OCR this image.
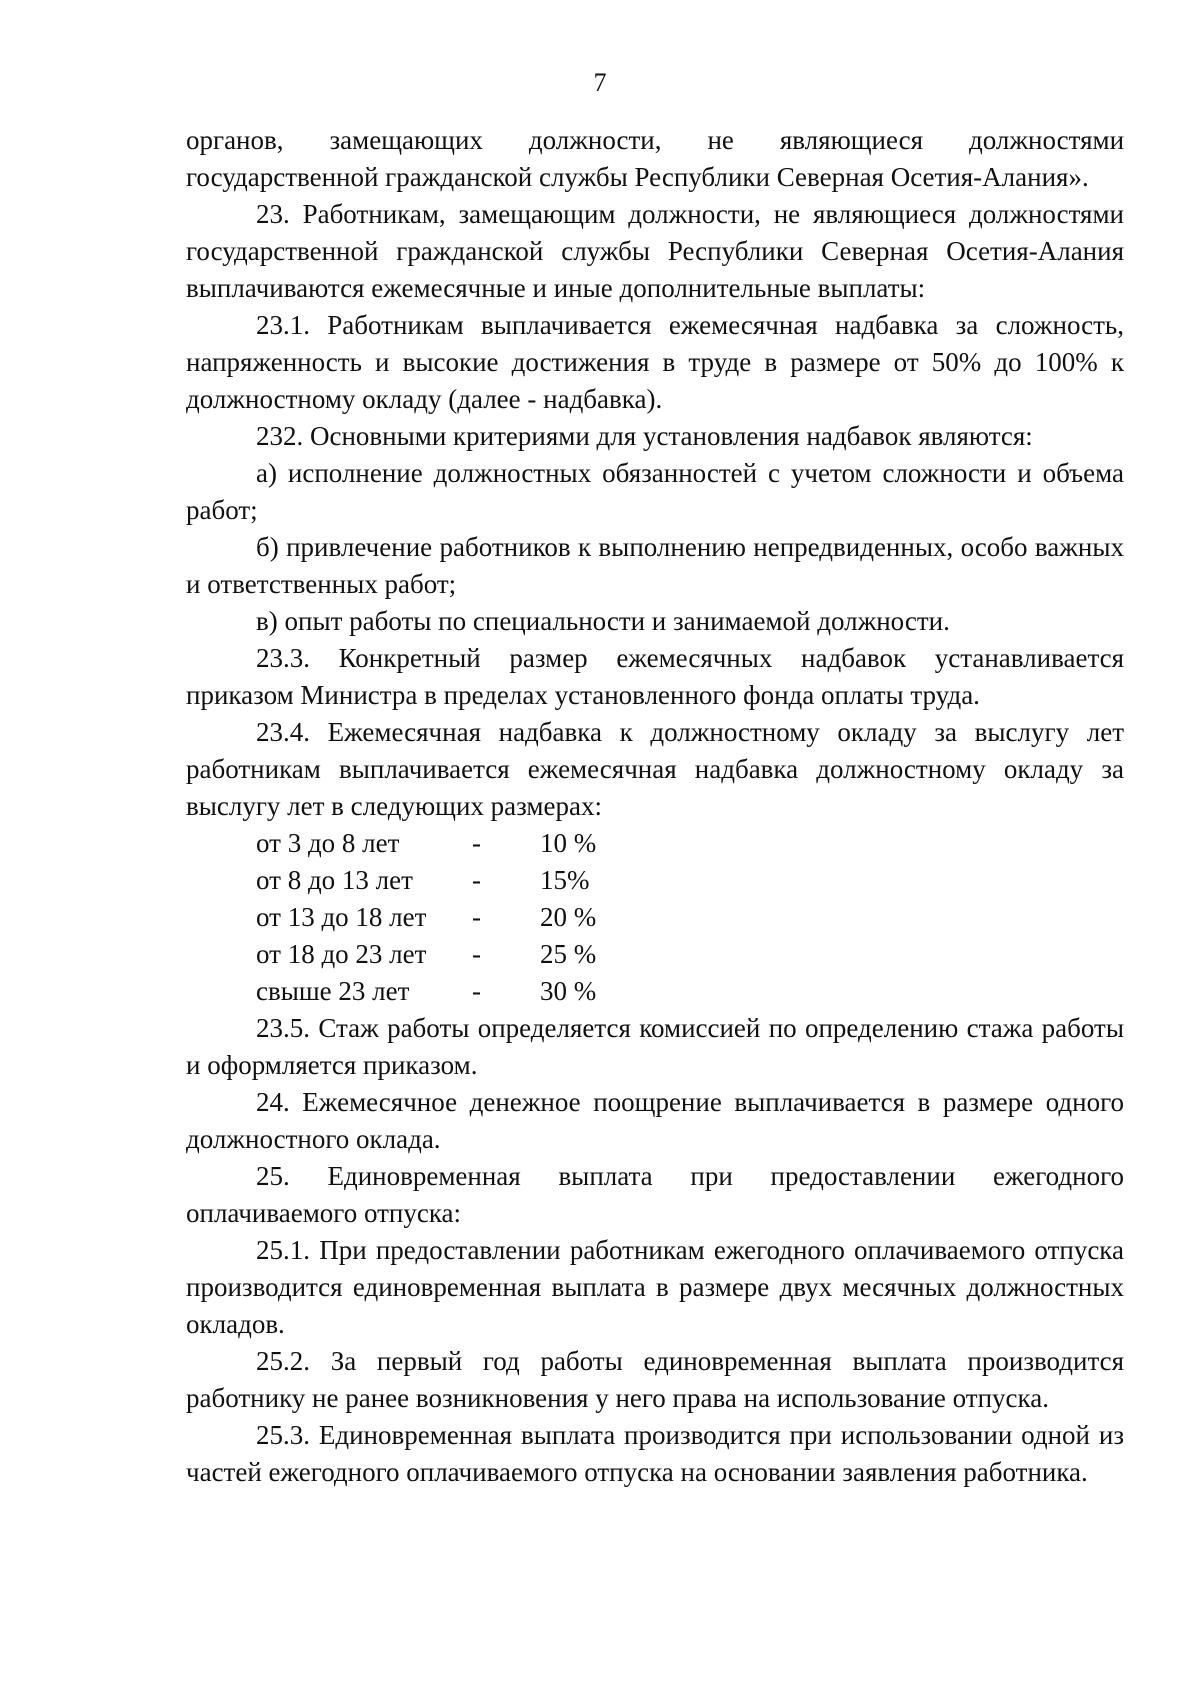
7

органов, замещающих должности, не являющиеся должностями
государственной гражданской службы Республики Северная Осетия-Алания».

23. Работникам, замещающим должности, не являющиеся должностями государственной гражданской службы Республики Северная Осетия-Алания выплачиваются ежемесячные и иные дополнительные выплаты:

23.1. Работникам выплачивается ежемесячная надбавка за сложность, напряженность и высокие достижения в труде в размере от 50% до 100% к должностному окладу (далее - надбавка).

232. Основными критериями для установления надбавок являются:

а) исполнение должностных обязанностей с учетом сложности и объема работ;

б) привлечение работников к выполнению непредвиденных, особо важных и ответственных работ;

в) опыт работы по специальности и занимаемой должности.

23.3. Конкретный размер ежемесячных надбавок устанавливается приказом Министра в пределах установленного фонда оплаты труда.

23.4. Ежемесячная надбавка к должностному окладу за выслугу лет работникам выплачивается ежемесячная надбавка должностному окладу за выслугу лет в следующих размерах:

от 3 до 8 лет	-	10 %
от 8 до 13 лет	-	15%
от 13 до 18 лет	-	20 %
от 18 до 23 лет	-	25 %
свыше 23 лет	-	30 %

23.5. Стаж работы определяется комиссией по определению стажа работы и оформляется приказом.

24. Ежемесячное денежное поощрение выплачивается в размере одного должностного оклада.

25. Единовременная выплата при предоставлении ежегодного оплачиваемого отпуска:

25.1. При предоставлении работникам ежегодного оплачиваемого отпуска производится единовременная выплата в размере двух месячных должностных окладов.

25.2. За первый год работы единовременная выплата производится работнику не ранее возникновения у него права на использование отпуска.

25.3. Единовременная выплата производится при использовании одной из частей ежегодного оплачиваемого отпуска на основании заявления работника.
